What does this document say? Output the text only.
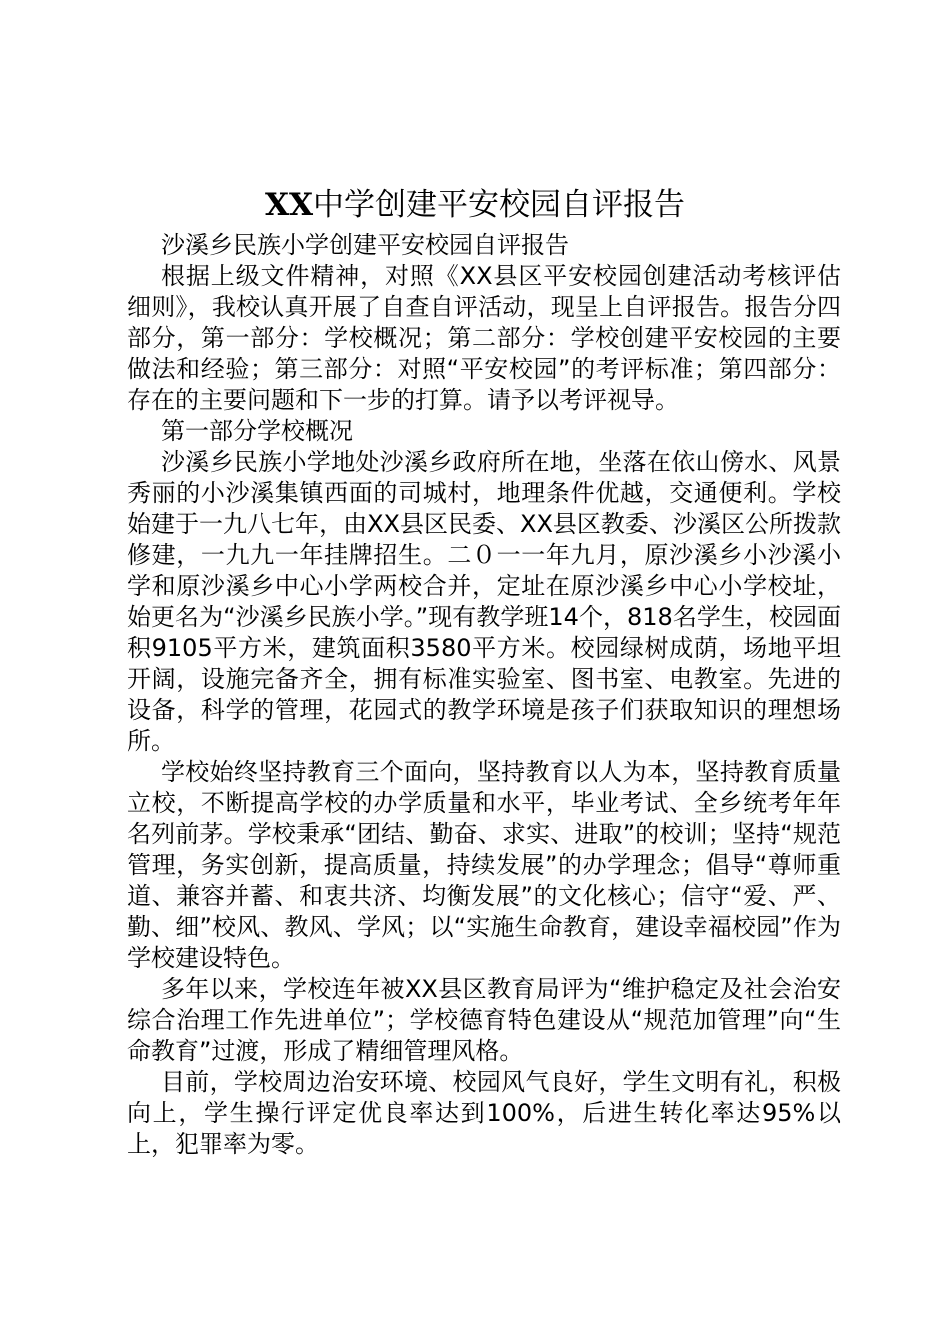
XX中学创建平安校园自评报告

沙溪乡民族小学创建平安校园自评报告

根据上级文件精神，对照《XX县区平安校园创建活动考核评估细则》，我校认真开展了自查自评活动，现呈上自评报告。报告分四部分，第一部分：学校概况；第二部分：学校创建平安校园的主要做法和经验；第三部分：对照“平安校园”的考评标准；第四部分：存在的主要问题和下一步的打算。请予以考评视导。

第一部分学校概况

沙溪乡民族小学地处沙溪乡政府所在地，坐落在依山傍水、风景秀丽的小沙溪集镇西面的司城村，地理条件优越，交通便利。学校始建于一九八七年，由XX县区民委、XX县区教委、沙溪区公所拨款修建，一九九一年挂牌招生。二０一一年九月，原沙溪乡小沙溪小学和原沙溪乡中心小学两校合并，定址在原沙溪乡中心小学校址，始更名为“沙溪乡民族小学。”现有教学班14个，818名学生，校园面积9105平方米，建筑面积3580平方米。校园绿树成荫，场地平坦开阔，设施完备齐全，拥有标准实验室、图书室、电教室。先进的设备，科学的管理，花园式的教学环境是孩子们获取知识的理想场所。

学校始终坚持教育三个面向，坚持教育以人为本，坚持教育质量立校，不断提高学校的办学质量和水平，毕业考试、全乡统考年年名列前茅。学校秉承“团结、勤奋、求实、进取”的校训；坚持“规范管理，务实创新，提高质量，持续发展”的办学理念；倡导“尊师重道、兼容并蓄、和衷共济、均衡发展”的文化核心；信守“爱、严、勤、细”校风、教风、学风；以“实施生命教育，建设幸福校园”作为学校建设特色。

多年以来，学校连年被XX县区教育局评为“维护稳定及社会治安综合治理工作先进单位”；学校德育特色建设从“规范加管理”向“生命教育”过渡，形成了精细管理风格。

目前，学校周边治安环境、校园风气良好，学生文明有礼，积极向上，学生操行评定优良率达到100%，后进生转化率达95%以上，犯罪率为零。
